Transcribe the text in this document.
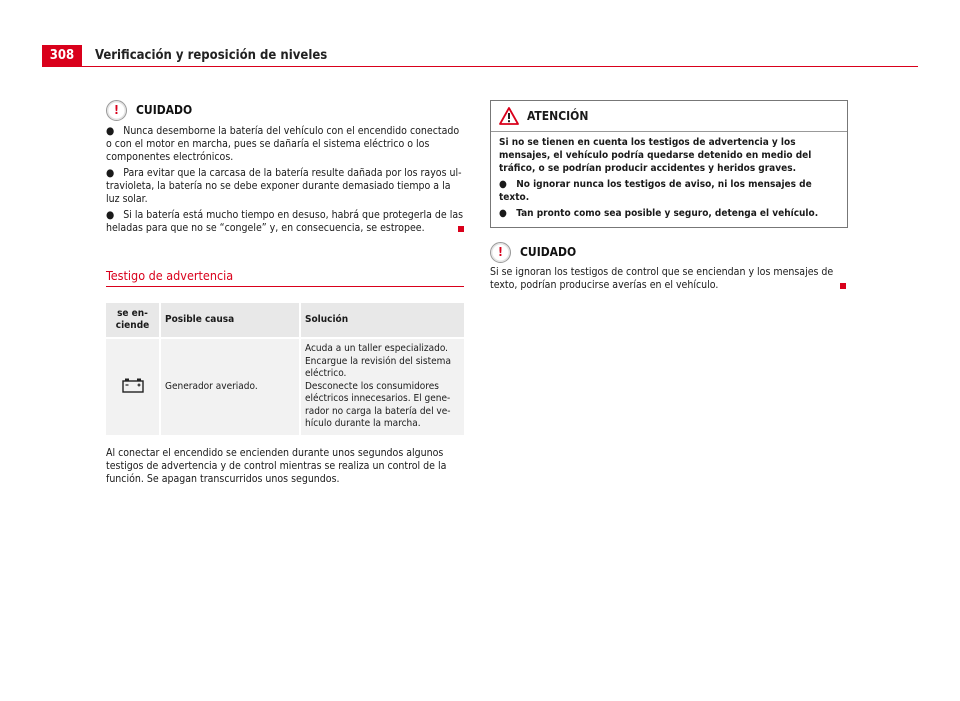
308	Verificación y reposición de niveles
!	CUIDADO

●   Nunca desemborne la batería del vehículo con el encendido conectado o con el motor en marcha, pues se dañaría el sistema eléctrico o los componentes electrónicos.

●   Para evitar que la carcasa de la batería resulte dañada por los rayos ultravioleta, la batería no se debe exponer durante demasiado tiempo a la luz solar.

●   Si la batería está mucho tiempo en desuso, habrá que protegerla de las heladas para que no se “congele” y, en consecuencia, se estropee.

Testigo de advertencia
se en-
ciende	Posible causa	Solución
	Generador averiado.	Acuda a un taller especializado. Encargue la revisión del sistema eléctrico.
Desconecte los consumidores eléctricos innecesarios. El generador no carga la batería del vehículo durante la marcha.

Al conectar el encendido se encienden durante unos segundos algunos testigos de advertencia y de control mientras se realiza un control de la función. Se apagan transcurridos unos segundos.

ATENCIÓN

Si no se tienen en cuenta los testigos de advertencia y los mensajes, el vehículo podría quedarse detenido en medio del tráfico, o se podrían producir accidentes y heridos graves.

●   No ignorar nunca los testigos de aviso, ni los mensajes de texto.

●   Tan pronto como sea posible y seguro, detenga el vehículo.

!	CUIDADO

Si se ignoran los testigos de control que se enciendan y los mensajes de texto, podrían producirse averías en el vehículo.
